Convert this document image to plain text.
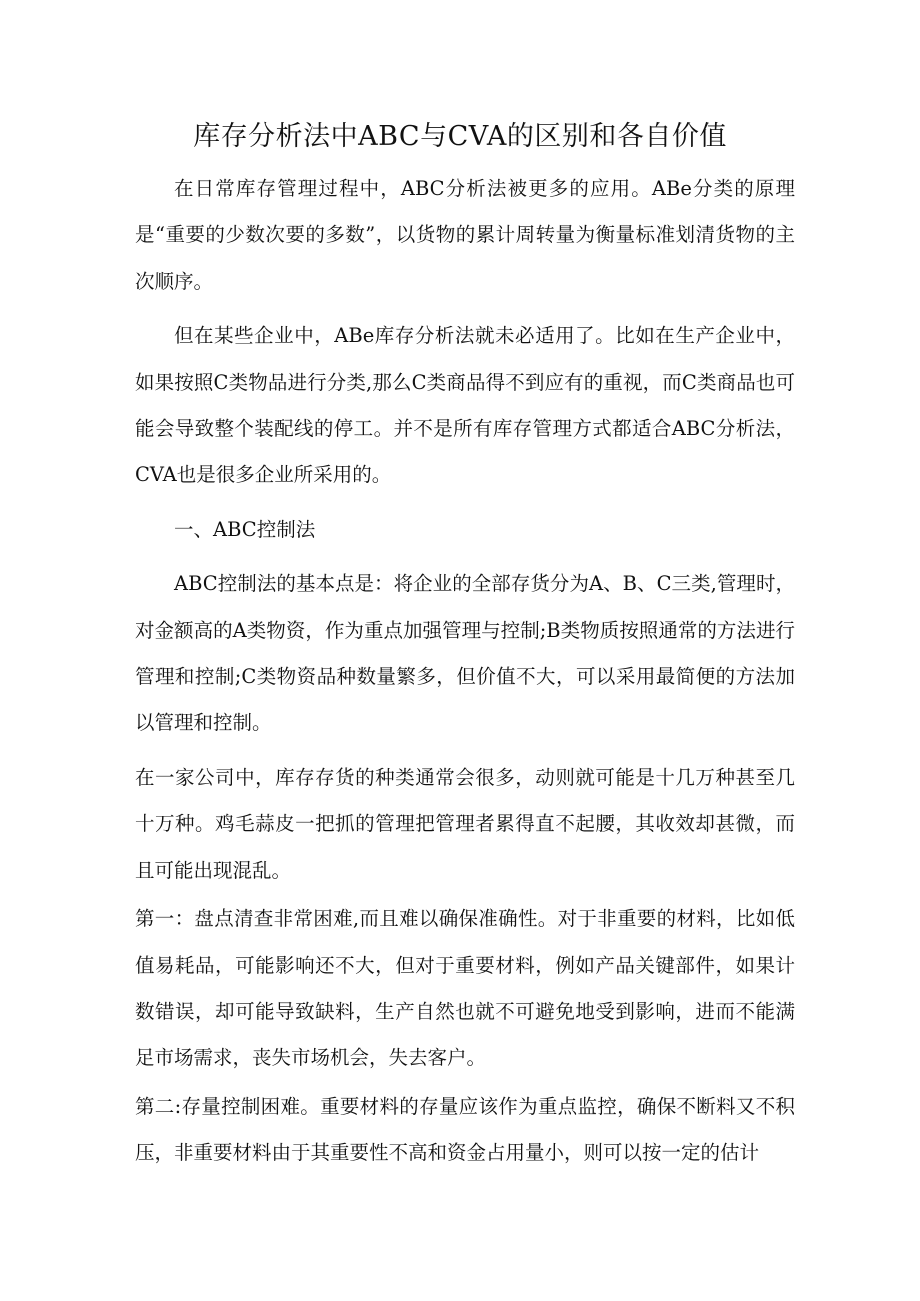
库存分析法中ABC与CVA的区别和各自价值

在日常库存管理过程中，ABC分析法被更多的应用。ABe分类的原理是“重要的少数次要的多数”，以货物的累计周转量为衡量标准划清货物的主次顺序。

但在某些企业中，ABe库存分析法就未必适用了。比如在生产企业中，如果按照C类物品进行分类,那么C类商品得不到应有的重视，而C类商品也可能会导致整个装配线的停工。并不是所有库存管理方式都适合ABC分析法，CVA也是很多企业所采用的。

一、ABC控制法

ABC控制法的基本点是：将企业的全部存货分为A、B、C三类,管理时，对金额高的A类物资，作为重点加强管理与控制;B类物质按照通常的方法进行管理和控制;C类物资品种数量繁多，但价值不大，可以采用最简便的方法加以管理和控制。

在一家公司中，库存存货的种类通常会很多，动则就可能是十几万种甚至几十万种。鸡毛蒜皮一把抓的管理把管理者累得直不起腰，其收效却甚微，而且可能出现混乱。

第一：盘点清查非常困难,而且难以确保准确性。对于非重要的材料，比如低值易耗品，可能影响还不大，但对于重要材料，例如产品关键部件，如果计数错误，却可能导致缺料，生产自然也就不可避免地受到影响，进而不能满足市场需求，丧失市场机会，失去客户。

第二:存量控制困难。重要材料的存量应该作为重点监控，确保不断料又不积压，非重要材料由于其重要性不高和资金占用量小，则可以按一定的估计
